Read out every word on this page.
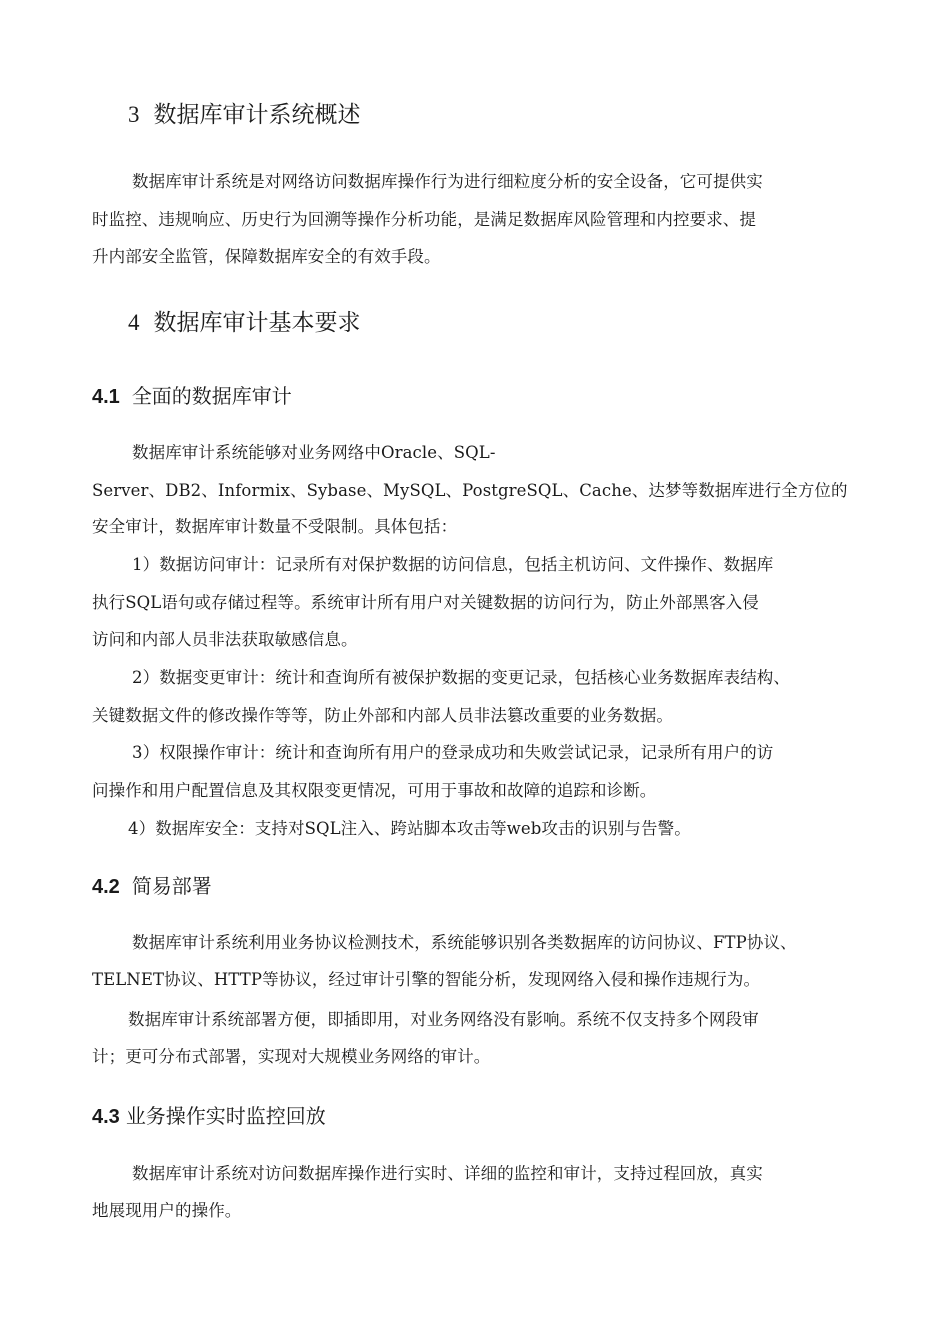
3 数据库审计系统概述
数据库审计系统是对网络访问数据库操作行为进行细粒度分析的安全设备，它可提供实
时监控、违规响应、历史行为回溯等操作分析功能，是满足数据库风险管理和内控要求、提
升内部安全监管，保障数据库安全的有效手段。
4 数据库审计基本要求
4.1 全面的数据库审计
数据库审计系统能够对业务网络中Oracle、SQL-
Server、DB2、Informix、Sybase、MySQL、PostgreSQL、Cache、达梦等数据库进行全方位的
安全审计，数据库审计数量不受限制。具体包括：
1）数据访问审计：记录所有对保护数据的访问信息，包括主机访问、文件操作、数据库
执行SQL语句或存储过程等。系统审计所有用户对关键数据的访问行为，防止外部黑客入侵
访问和内部人员非法获取敏感信息。
2）数据变更审计：统计和查询所有被保护数据的变更记录，包括核心业务数据库表结构、
关键数据文件的修改操作等等，防止外部和内部人员非法篡改重要的业务数据。
3）权限操作审计：统计和查询所有用户的登录成功和失败尝试记录，记录所有用户的访
问操作和用户配置信息及其权限变更情况，可用于事故和故障的追踪和诊断。
4）数据库安全：支持对SQL注入、跨站脚本攻击等web攻击的识别与告警。
4.2 简易部署
数据库审计系统利用业务协议检测技术，系统能够识别各类数据库的访问协议、FTP协议、
TELNET协议、HTTP等协议，经过审计引擎的智能分析，发现网络入侵和操作违规行为。
数据库审计系统部署方便，即插即用，对业务网络没有影响。系统不仅支持多个网段审
计；更可分布式部署，实现对大规模业务网络的审计。
4.3 业务操作实时监控回放
数据库审计系统对访问数据库操作进行实时、详细的监控和审计，支持过程回放，真实
地展现用户的操作。
